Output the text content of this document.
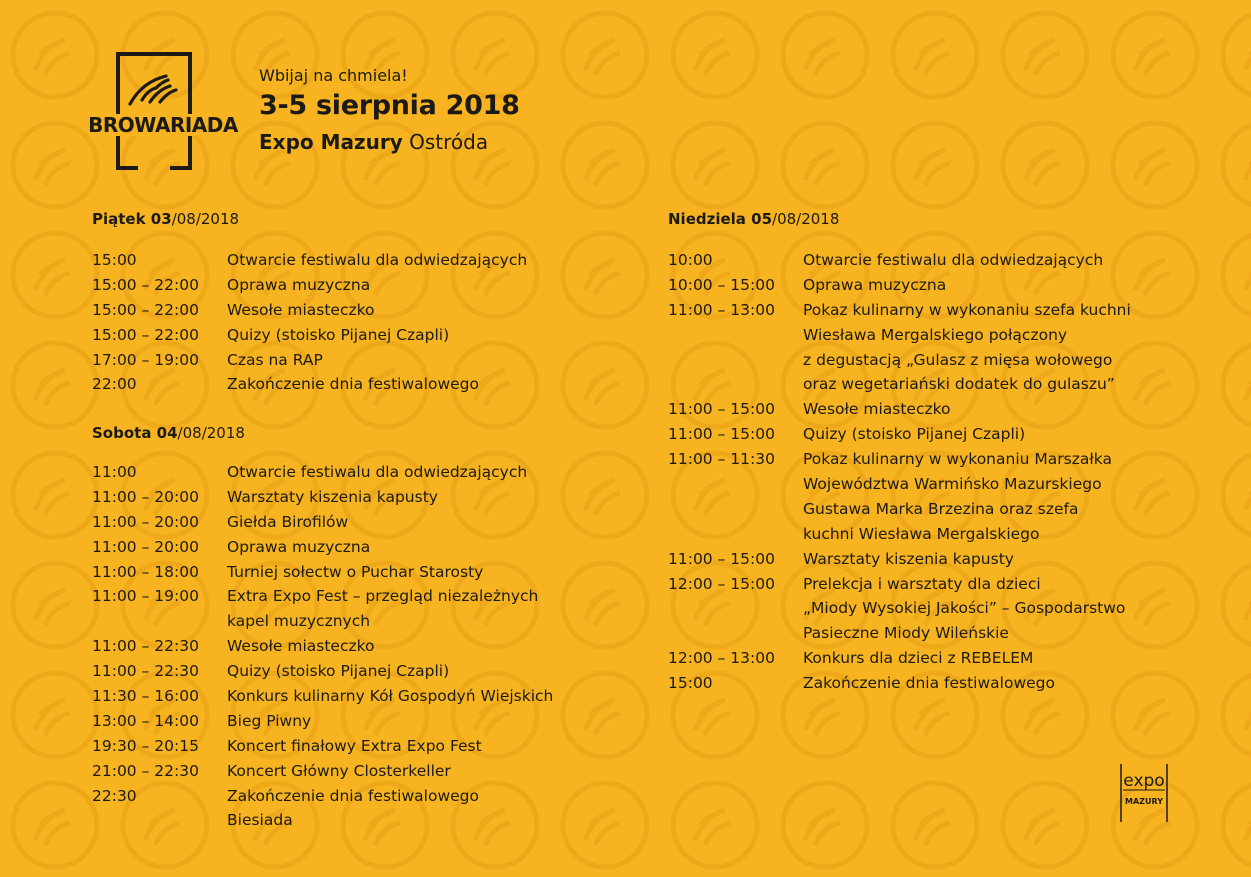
BROWARIADA
Wbijaj na chmiela!
3-5 sierpnia 2018
Expo Mazury Ostróda
Piątek 03/08/2018
15:00	Otwarcie festiwalu dla odwiedzających
15:00 – 22:00	Oprawa muzyczna
15:00 – 22:00	Wesołe miasteczko
15:00 – 22:00	Quizy (stoisko Pijanej Czapli)
17:00 – 19:00	Czas na RAP
22:00	Zakończenie dnia festiwalowego
Sobota 04/08/2018
11:00	Otwarcie festiwalu dla odwiedzających
11:00 – 20:00	Warsztaty kiszenia kapusty
11:00 – 20:00	Giełda Birofilów
11:00 – 20:00	Oprawa muzyczna
11:00 – 18:00	Turniej sołectw o Puchar Starosty
11:00 – 19:00	Extra Expo Fest – przegląd niezależnych
kapel muzycznych
11:00 – 22:30	Wesołe miasteczko
11:00 – 22:30	Quizy (stoisko Pijanej Czapli)
11:30 – 16:00	Konkurs kulinarny Kół Gospodyń Wiejskich
13:00 – 14:00	Bieg Piwny
19:30 – 20:15	Koncert finałowy Extra Expo Fest
21:00 – 22:30	Koncert Główny Closterkeller
22:30	Zakończenie dnia festiwalowego
Biesiada
Niedziela 05/08/2018
10:00	Otwarcie festiwalu dla odwiedzających
10:00 – 15:00	Oprawa muzyczna
11:00 – 13:00	Pokaz kulinarny w wykonaniu szefa kuchni
Wiesława Mergalskiego połączony
z degustacją „Gulasz z mięsa wołowego
oraz wegetariański dodatek do gulaszu”
11:00 – 15:00	Wesołe miasteczko
11:00 – 15:00	Quizy (stoisko Pijanej Czapli)
11:00 – 11:30	Pokaz kulinarny w wykonaniu Marszałka
Województwa Warmińsko Mazurskiego
Gustawa Marka Brzezina oraz szefa
kuchni Wiesława Mergalskiego
11:00 – 15:00	Warsztaty kiszenia kapusty
12:00 – 15:00	Prelekcja i warsztaty dla dzieci
„Miody Wysokiej Jakości” – Gospodarstwo
Pasieczne Miody Wileńskie
12:00 – 13:00	Konkurs dla dzieci z REBELEM
15:00	Zakończenie dnia festiwalowego
expo
MAZURY
